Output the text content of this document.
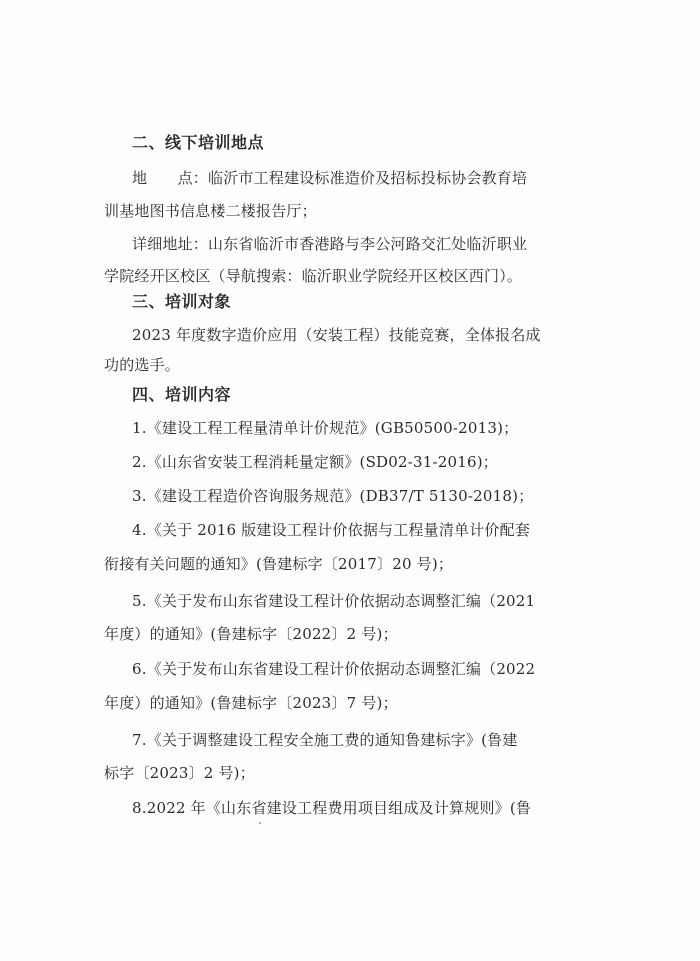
二、线下培训地点
地　　点：临沂市工程建设标准造价及招标投标协会教育培
训基地图书信息楼二楼报告厅；
详细地址：山东省临沂市香港路与李公河路交汇处临沂职业
学院经开区校区（导航搜索：临沂职业学院经开区校区西门）。
三、培训对象
2023 年度数字造价应用（安装工程）技能竞赛，全体报名成
功的选手。
四、培训内容
1.《建设工程工程量清单计价规范》(GB50500-2013)；
2.《山东省安装工程消耗量定额》(SD02-31-2016)；
3.《建设工程造价咨询服务规范》(DB37/T 5130-2018)；
4.《关于 2016 版建设工程计价依据与工程量清单计价配套
衔接有关问题的通知》(鲁建标字〔2017〕20 号)；
5.《关于发布山东省建设工程计价依据动态调整汇编（2021
年度）的通知》(鲁建标字〔2022〕2 号)；
6.《关于发布山东省建设工程计价依据动态调整汇编（2022
年度）的通知》(鲁建标字〔2023〕7 号)；
7.《关于调整建设工程安全施工费的通知鲁建标字》(鲁建
标字〔2023〕2 号)；
8.2022 年《山东省建设工程费用项目组成及计算规则》(鲁
